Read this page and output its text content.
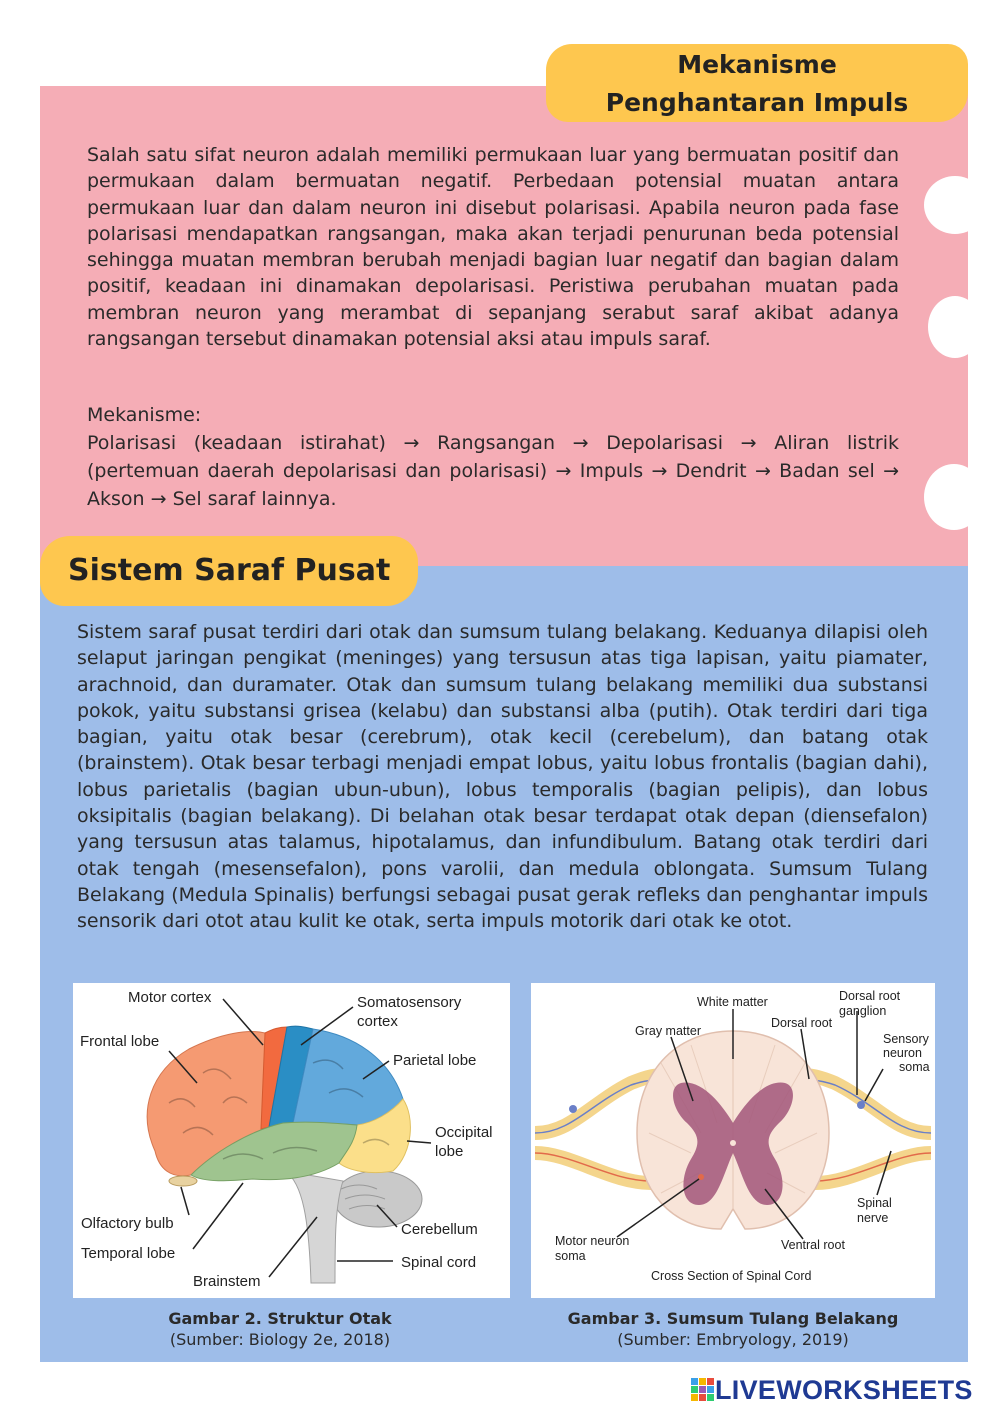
Mekanisme
Penghantaran Impuls
Salah satu sifat neuron adalah memiliki permukaan luar yang bermuatan positif dan permukaan dalam bermuatan negatif. Perbedaan potensial muatan antara permukaan luar dan dalam neuron ini disebut polarisasi. Apabila neuron pada fase polarisasi mendapatkan rangsangan, maka akan terjadi penurunan beda potensial sehingga muatan membran berubah menjadi bagian luar negatif dan bagian dalam positif, keadaan ini dinamakan depolarisasi. Peristiwa perubahan muatan pada membran neuron yang merambat di sepanjang serabut saraf akibat adanya rangsangan tersebut dinamakan potensial aksi atau impuls saraf.
Mekanisme:
Polarisasi (keadaan istirahat) → Rangsangan → Depolarisasi → Aliran listrik (pertemuan daerah depolarisasi dan polarisasi) → Impuls → Dendrit → Badan sel → Akson → Sel saraf lainnya.
Sistem Saraf Pusat
Sistem saraf pusat terdiri dari otak dan sumsum tulang belakang. Keduanya dilapisi oleh selaput jaringan pengikat (meninges) yang tersusun atas tiga lapisan, yaitu piamater, arachnoid, dan duramater. Otak dan sumsum tulang belakang memiliki dua substansi pokok, yaitu substansi grisea (kelabu) dan substansi alba (putih). Otak terdiri dari tiga bagian, yaitu otak besar (cerebrum), otak kecil (cerebelum), dan batang otak (brainstem). Otak besar terbagi menjadi empat lobus, yaitu lobus frontalis (bagian dahi), lobus parietalis (bagian ubun-ubun), lobus temporalis (bagian pelipis), dan lobus oksipitalis (bagian belakang). Di belahan otak besar terdapat otak depan (diensefalon) yang tersusun atas talamus, hipotalamus, dan infundibulum. Batang otak terdiri dari otak tengah (mesensefalon), pons varolii, dan medula oblongata. Sumsum Tulang Belakang (Medula Spinalis) berfungsi sebagai pusat gerak refleks dan penghantar impuls sensorik dari otot atau kulit ke otak, serta impuls motorik dari otak ke otot.
Motor cortex	Somatosensory
cortex
Frontal lobe
Parietal lobe
Occipital
lobe
Olfactory bulb	Cerebellum
Temporal lobe
Spinal cord
Brainstem
White matter	Dorsal root
ganglion
Gray matter
Dorsal root
Sensory
neuron
soma
Spinal
nerve
Motor neuron
soma
Ventral root
Cross Section of Spinal Cord
Gambar 2. Struktur Otak
(Sumber: Biology 2e, 2018)
Gambar 3. Sumsum Tulang Belakang
(Sumber: Embryology, 2019)
LIVEWORKSHEETS
